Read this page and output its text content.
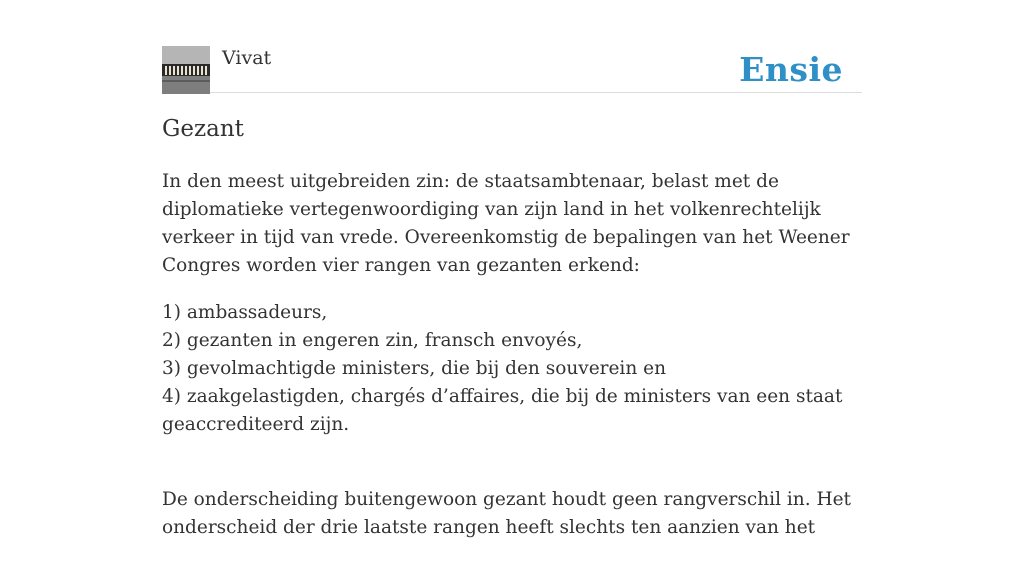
Vivat	Ensie
Gezant

In den meest uitgebreiden zin: de staatsambtenaar, belast met de diplomatieke vertegenwoordiging van zijn land in het volkenrechtelijk verkeer in tijd van vrede. Overeenkomstig de bepalingen van het Weener Congres worden vier rangen van gezanten erkend:

1) ambassadeurs,
2) gezanten in engeren zin, fransch envoyés,
3) gevolmachtigde ministers, die bij den souverein en
4) zaakgelastigden, chargés d’affaires, die bij de ministers van een staat geaccrediteerd zijn.

De onderscheiding buitengewoon gezant houdt geen rangverschil in. Het onderscheid der drie laatste rangen heeft slechts ten aanzien van het
